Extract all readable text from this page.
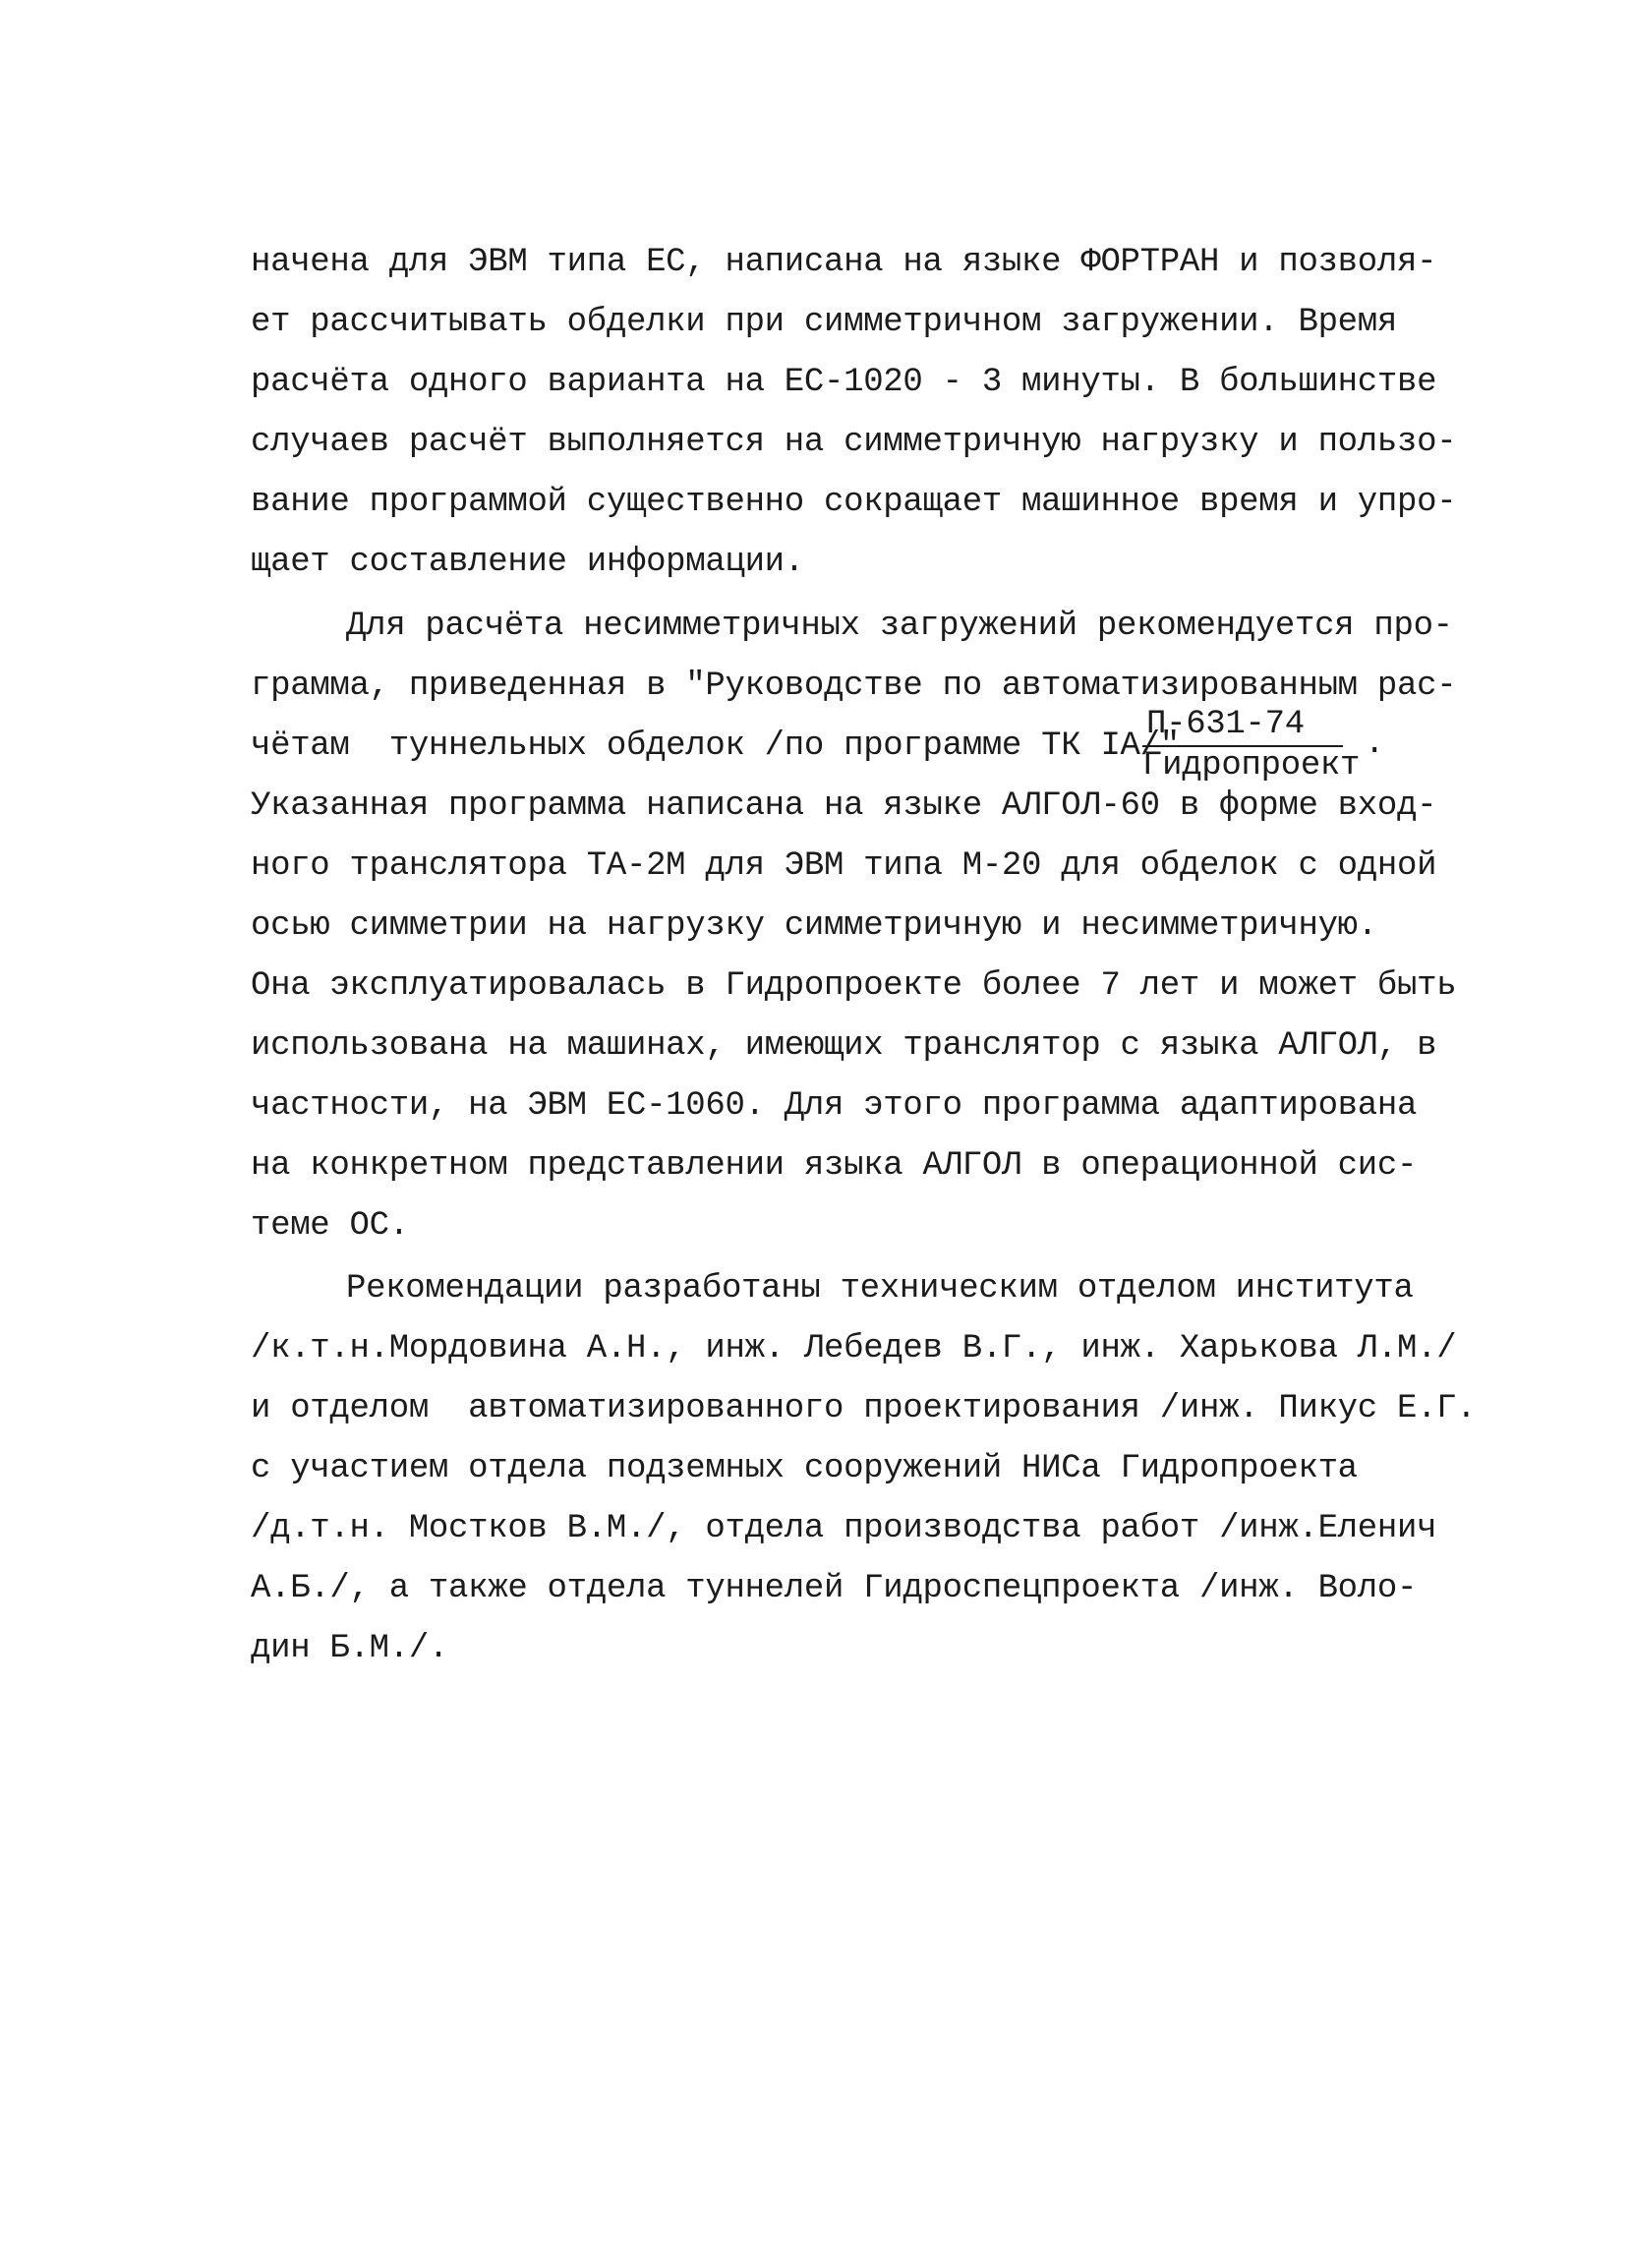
начена для ЭВМ типа ЕС, написана на языке ФОРТРАН и позволя-
ет рассчитывать обделки при симметричном загружении. Время
расчёта одного варианта на ЕС-1020 - 3 минуты. В большинстве
случаев расчёт выполняется на симметричную нагрузку и пользо-
вание программой существенно сокращает машинное время и упро-
щает составление информации.
Для расчёта несимметричных загружений рекомендуется про-
грамма, приведенная в "Руководстве по автоматизированным рас-
чётам  туннельных обделок /по программе ТК IA/"
П-631-74
Гидропроект
.
Указанная программа написана на языке АЛГОЛ-60 в форме вход-
ного транслятора ТА-2М для ЭВМ типа М-20 для обделок с одной
осью симметрии на нагрузку симметричную и несимметричную.
Она эксплуатировалась в Гидропроекте более 7 лет и может быть
использована на машинах, имеющих транслятор с языка АЛГОЛ, в
частности, на ЭВМ ЕС-1060. Для этого программа адаптирована
на конкретном представлении языка АЛГОЛ в операционной сис-
теме ОС.
Рекомендации разработаны техническим отделом института
/к.т.н.Мордовина А.Н., инж. Лебедев В.Г., инж. Харькова Л.М./
и отделом  автоматизированного проектирования /инж. Пикус Е.Г.
с участием отдела подземных сооружений НИСа Гидропроекта
/д.т.н. Мостков В.М./, отдела производства работ /инж.Еленич
А.Б./, а также отдела туннелей Гидроспецпроекта /инж. Воло-
дин Б.М./.
